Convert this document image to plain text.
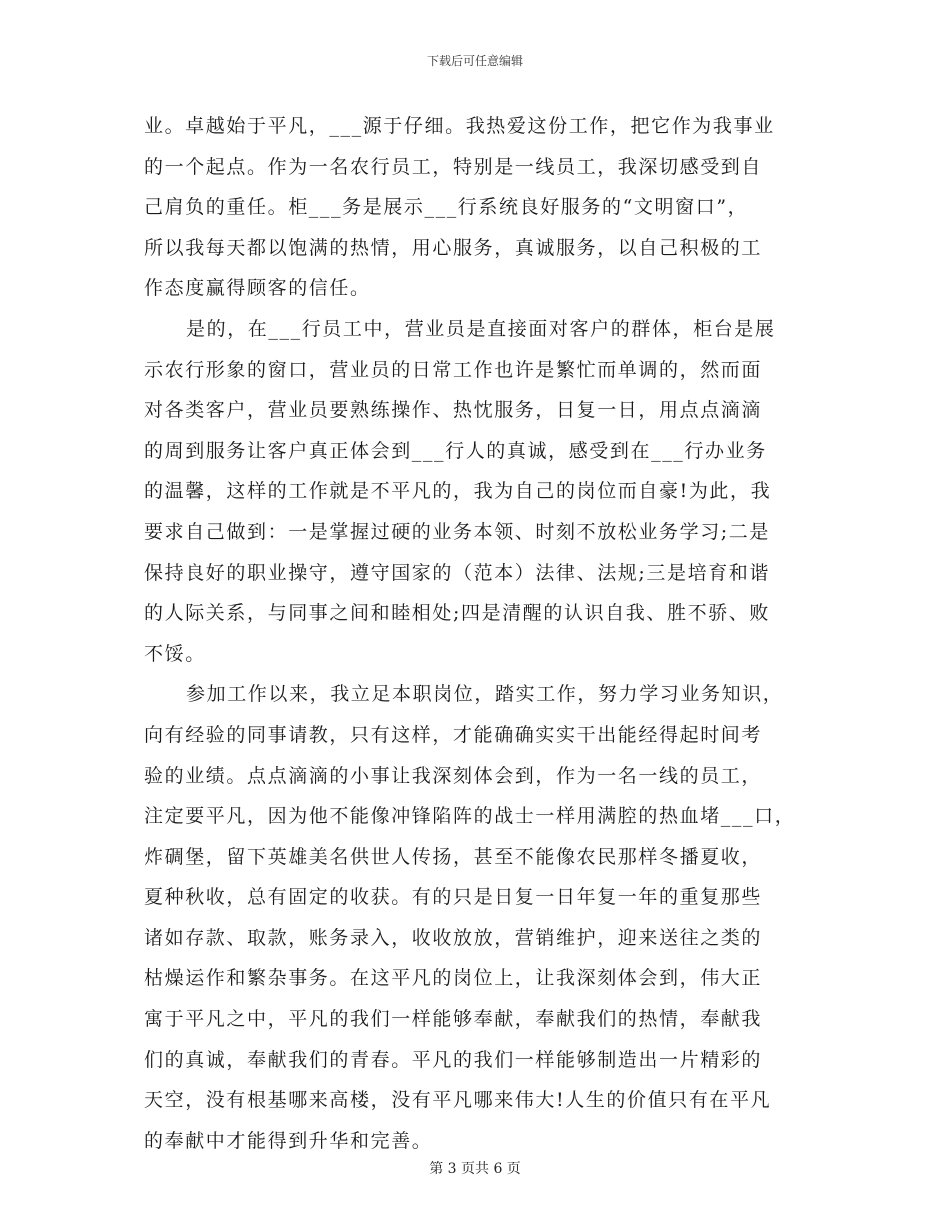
下载后可任意编辑
业。卓越始于平凡，___源于仔细。我热爱这份工作，把它作为我事业
的一个起点。作为一名农行员工，特别是一线员工，我深切感受到自
己肩负的重任。柜___务是展示___行系统良好服务的“文明窗口”，
所以我每天都以饱满的热情，用心服务，真诚服务，以自己积极的工
作态度赢得顾客的信任。
是的，在___行员工中，营业员是直接面对客户的群体，柜台是展
示农行形象的窗口，营业员的日常工作也许是繁忙而单调的，然而面
对各类客户，营业员要熟练操作、热忱服务，日复一日，用点点滴滴
的周到服务让客户真正体会到___行人的真诚，感受到在___行办业务
的温馨，这样的工作就是不平凡的，我为自己的岗位而自豪!为此，我
要求自己做到：一是掌握过硬的业务本领、时刻不放松业务学习;二是
保持良好的职业操守，遵守国家的（范本）法律、法规;三是培育和谐
的人际关系，与同事之间和睦相处;四是清醒的认识自我、胜不骄、败
不馁。
参加工作以来，我立足本职岗位，踏实工作，努力学习业务知识，
向有经验的同事请教，只有这样，才能确确实实干出能经得起时间考
验的业绩。点点滴滴的小事让我深刻体会到，作为一名一线的员工，
注定要平凡，因为他不能像冲锋陷阵的战士一样用满腔的热血堵___口，
炸碉堡，留下英雄美名供世人传扬，甚至不能像农民那样冬播夏收，
夏种秋收，总有固定的收获。有的只是日复一日年复一年的重复那些
诸如存款、取款，账务录入，收收放放，营销维护，迎来送往之类的
枯燥运作和繁杂事务。在这平凡的岗位上，让我深刻体会到，伟大正
寓于平凡之中，平凡的我们一样能够奉献，奉献我们的热情，奉献我
们的真诚，奉献我们的青春。平凡的我们一样能够制造出一片精彩的
天空，没有根基哪来高楼，没有平凡哪来伟大!人生的价值只有在平凡
的奉献中才能得到升华和完善。
第 3 页共 6 页
